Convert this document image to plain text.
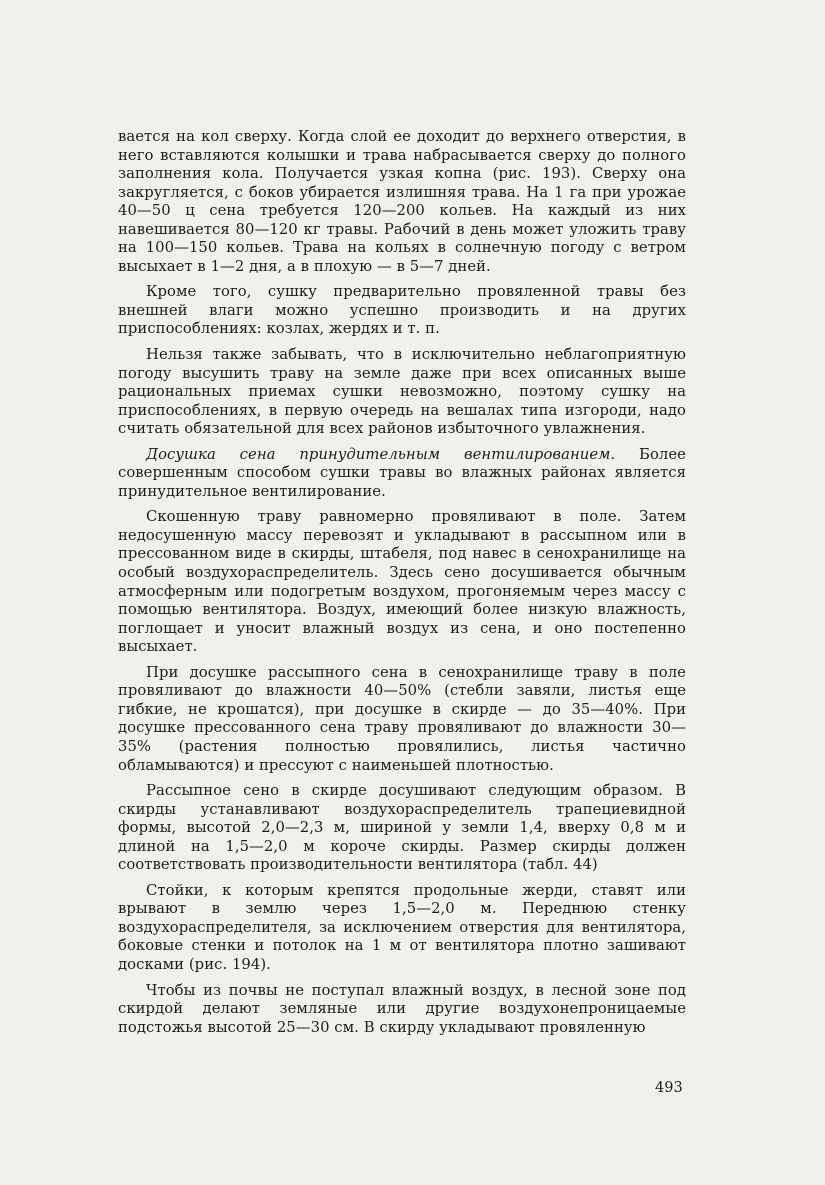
вается на кол сверху. Когда слой ее доходит до верхнего отверстия, в него вставляются колышки и трава набрасывается сверху до полного заполнения кола. Получается узкая копна (рис. 193). Сверху она закругляется, с боков убирается излишняя трава. На 1 га при урожае 40—50 ц сена требуется 120—200 кольев. На каждый из них навешивается 80—120 кг травы. Рабочий в день может уложить траву на 100—150 кольев. Трава на кольях в солнечную погоду с ветром высыхает в 1—2 дня, а в плохую — в 5—7 дней.

Кроме того, сушку предварительно провяленной травы без внешней влаги можно успешно производить и на других приспособлениях: козлах, жердях и т. п.

Нельзя также забывать, что в исключительно неблагоприятную погоду высушить траву на земле даже при всех описанных выше рациональных приемах сушки невозможно, поэтому сушку на приспособлениях, в первую очередь на вешалах типа изгороди, надо считать обязательной для всех районов избыточного увлажнения.

Досушка сена принудительным вентилированием. Более совершенным способом сушки травы во влажных районах является принудительное вентилирование.

Скошенную траву равномерно провяливают в поле. Затем недосушенную массу перевозят и укладывают в рассыпном или в прессованном виде в скирды, штабеля, под навес в сенохранилище на особый воздухораспределитель. Здесь сено досушивается обычным атмосферным или подогретым воздухом, прогоняемым через массу с помощью вентилятора. Воздух, имеющий более низкую влажность, поглощает и уносит влажный воздух из сена, и оно постепенно высыхает.

При досушке рассыпного сена в сенохранилище траву в поле провяливают до влажности 40—50% (стебли завяли, листья еще гибкие, не крошатся), при досушке в скирде — до 35—40%. При досушке прессованного сена траву провяливают до влажности 30—35% (растения полностью провялились, листья частично обламываются) и прессуют с наименьшей плотностью.

Рассыпное сено в скирде досушивают следующим образом. В скирды устанавливают воздухораспределитель трапециевидной формы, высотой 2,0—2,3 м, шириной у земли 1,4, вверху 0,8 м и длиной на 1,5—2,0 м короче скирды. Размер скирды должен соответствовать производительности вентилятора (табл. 44)

Стойки, к которым крепятся продольные жерди, ставят или врывают в землю через 1,5—2,0 м. Переднюю стенку воздухораспределителя, за исключением отверстия для вентилятора, боковые стенки и потолок на 1 м от вентилятора плотно зашивают досками (рис. 194).

Чтобы из почвы не поступал влажный воздух, в лесной зоне под скирдой делают земляные или другие воздухонепроницаемые подстожья высотой 25—30 см. В скирду укладывают провяленную

493
